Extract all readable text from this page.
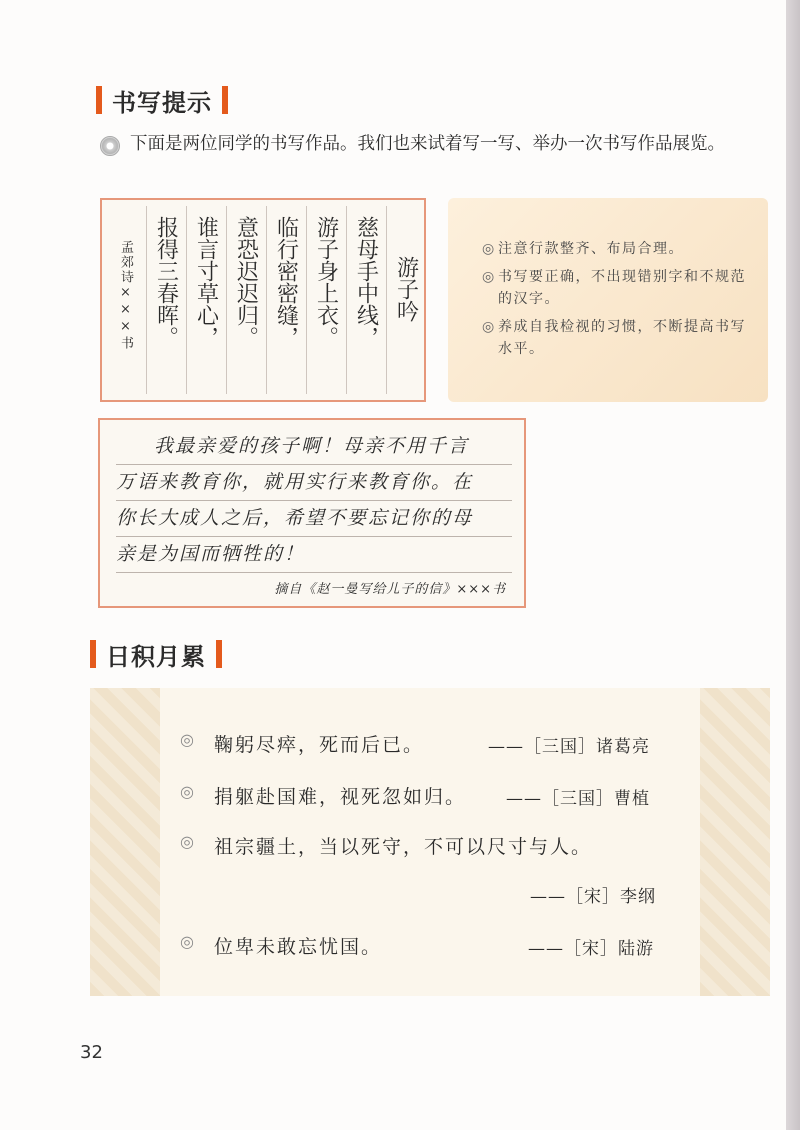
书写提示
下面是两位同学的书写作品。我们也来试着写一写、举办一次书写作品展览。
孟郊诗×××书 报得三春晖。 谁言寸草心， 意恐迟迟归。 临行密密缝， 游子身上衣。 慈母手中线， 游子吟
◎ 注意行款整齐、布局合理。
◎ 书写要正确，不出现错别字和不规范的汉字。
◎ 养成自我检视的习惯，不断提高书写水平。
我最亲爱的孩子啊！母亲不用千言
万语来教育你，就用实行来教育你。在
你长大成人之后，希望不要忘记你的母
亲是为国而牺牲的！
摘自《赵一曼写给儿子的信》×××书
日积月累
◎ 鞠躬尽瘁，死而后已。	——［三国］诸葛亮
◎ 捐躯赴国难，视死忽如归。 ——［三国］曹植
◎ 祖宗疆土，当以死守，不可以尺寸与人。
——［宋］李纲
◎ 位卑未敢忘忧国。	——［宋］陆游
32
